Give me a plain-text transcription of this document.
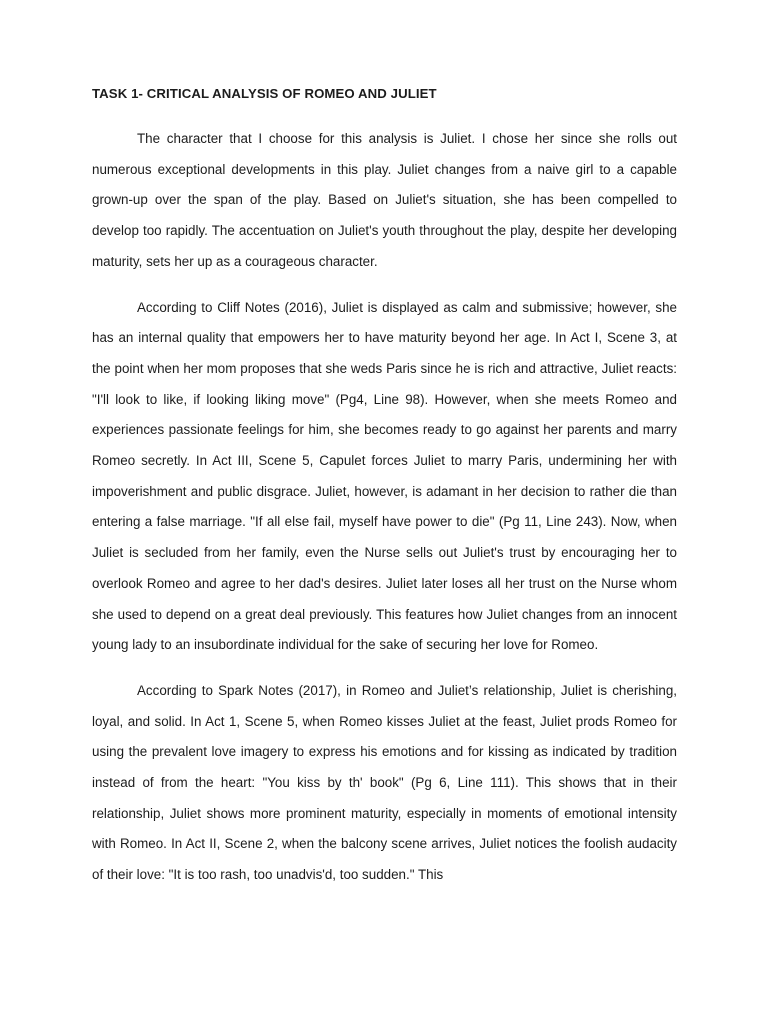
TASK 1- CRITICAL ANALYSIS OF ROMEO AND JULIET

The character that I choose for this analysis is Juliet. I chose her since she rolls out numerous exceptional developments in this play. Juliet changes from a naive girl to a capable grown-up over the span of the play. Based on Juliet's situation, she has been compelled to develop too rapidly. The accentuation on Juliet's youth throughout the play, despite her developing maturity, sets her up as a courageous character.

According to Cliff Notes (2016), Juliet is displayed as calm and submissive; however, she has an internal quality that empowers her to have maturity beyond her age. In Act I, Scene 3, at the point when her mom proposes that she weds Paris since he is rich and attractive, Juliet reacts: "I'll look to like, if looking liking move" (Pg4, Line 98). However, when she meets Romeo and experiences passionate feelings for him, she becomes ready to go against her parents and marry Romeo secretly. In Act III, Scene 5, Capulet forces Juliet to marry Paris, undermining her with impoverishment and public disgrace. Juliet, however, is adamant in her decision to rather die than entering a false marriage. "If all else fail, myself have power to die" (Pg 11, Line 243). Now, when Juliet is secluded from her family, even the Nurse sells out Juliet's trust by encouraging her to overlook Romeo and agree to her dad's desires. Juliet later loses all her trust on the Nurse whom she used to depend on a great deal previously. This features how Juliet changes from an innocent young lady to an insubordinate individual for the sake of securing her love for Romeo.

According to Spark Notes (2017), in Romeo and Juliet’s relationship, Juliet is cherishing, loyal, and solid. In Act 1, Scene 5, when Romeo kisses Juliet at the feast, Juliet prods Romeo for using the prevalent love imagery to express his emotions and for kissing as indicated by tradition instead of from the heart: "You kiss by th' book" (Pg 6, Line 111). This shows that in their relationship, Juliet shows more prominent maturity, especially in moments of emotional intensity with Romeo. In Act II, Scene 2, when the balcony scene arrives, Juliet notices the foolish audacity of their love: "It is too rash, too unadvis'd, too sudden." This
